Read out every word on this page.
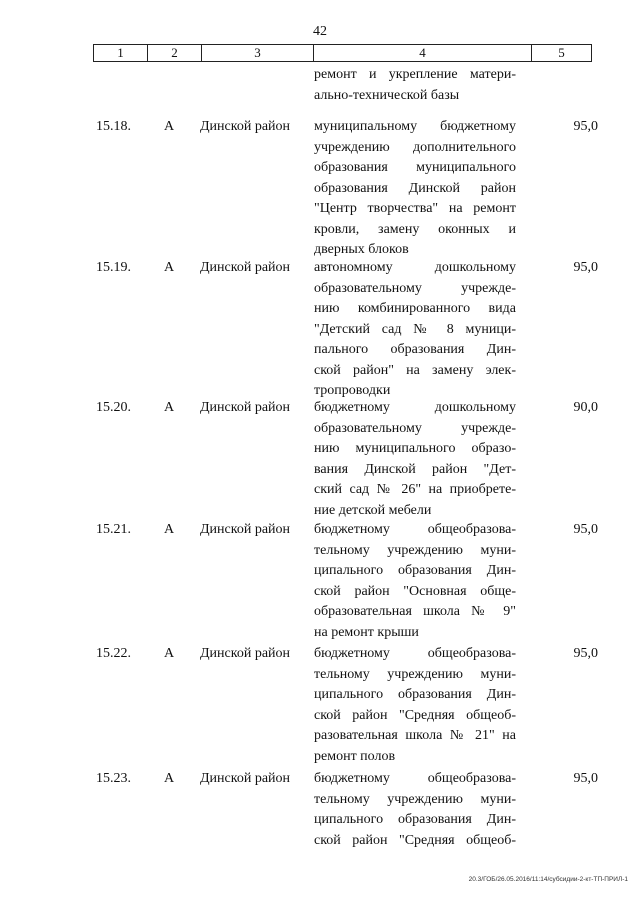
42
1	2	3	4	5
ремонт и укрепление матери-
ально-технической базы
15.18.	А	Динской район	муниципальному бюджетному
учреждению дополнительного
образования муниципального
образования Динской район
"Центр творчества" на ремонт
кровли, замену оконных и
дверных блоков
95,0
15.19.	А	Динской район	автономному дошкольному
образовательному учрежде-
нию комбинированного вида
"Детский сад № 8 муници-
пального образования Дин-
ской район" на замену элек-
тропроводки
95,0
15.20.	А	Динской район	бюджетному дошкольному
образовательному учрежде-
нию муниципального образо-
вания Динской район "Дет-
ский сад № 26" на приобрете-
ние детской мебели
90,0
15.21.	А	Динской район	бюджетному общеобразова-
тельному учреждению муни-
ципального образования Дин-
ской район "Основная обще-
образовательная школа № 9"
на ремонт крыши
95,0
15.22.	А	Динской район	бюджетному общеобразова-
тельному учреждению муни-
ципального образования Дин-
ской район "Средняя общеоб-
разовательная школа № 21" на
ремонт полов
95,0
15.23.	А	Динской район	бюджетному общеобразова-
тельному учреждению муни-
ципального образования Дин-
ской район "Средняя общеоб-
95,0
20.3/ГОБ/26.05.2016/11:14/субсидии-2-кт-ТП-ПРИЛ-1
